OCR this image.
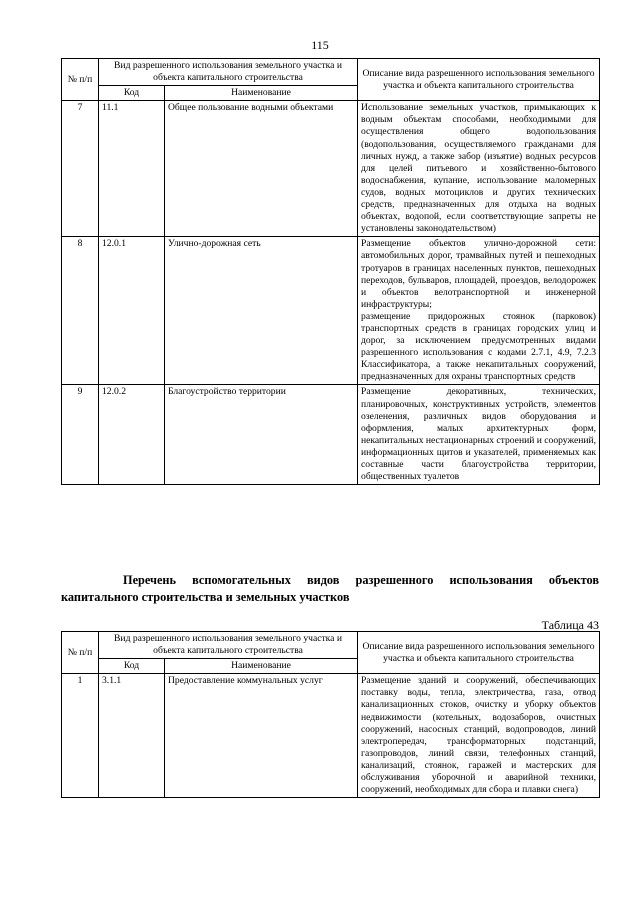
115
№ п/п	Вид разрешенного использования земельного участка и объекта капитального строительства		Описание вида разрешенного использования земельного участка и объекта капитального строительства
	Код	Наименование	
7	11.1	Общее пользование водными объектами	Использование земельных участков, примыкающих к водным объектам способами, необходимыми для осуществления общего водопользования (водопользования, осуществляемого гражданами для личных нужд, а также забор (изъятие) водных ресурсов для целей питьевого и хозяйственно-бытового водоснабжения, купание, использование маломерных судов, водных мотоциклов и других технических средств, предназначенных для отдыха на водных объектах, водопой, если соответствующие запреты не установлены законодательством)
8	12.0.1	Улично-дорожная сеть	Размещение объектов улично-дорожной сети: автомобильных дорог, трамвайных путей и пешеходных тротуаров в границах населенных пунктов, пешеходных переходов, бульваров, площадей, проездов, велодорожек и объектов велотранспортной и инженерной инфраструктуры;
размещение придорожных стоянок (парковок) транспортных средств в границах городских улиц и дорог, за исключением предусмотренных видами разрешенного использования с кодами 2.7.1, 4.9, 7.2.3 Классификатора, а также некапитальных сооружений, предназначенных для охраны транспортных средств

9	12.0.2	Благоустройство территории	Размещение декоративных, технических, планировочных, конструктивных устройств, элементов озеленения, различных видов оборудования и оформления, малых архитектурных форм, некапитальных нестационарных строений и сооружений, информационных щитов и указателей, применяемых как составные части благоустройства территории, общественных туалетов
Перечень вспомогательных видов разрешенного использования объектов
капитального строительства и земельных участков
Таблица 43
№ п/п	Вид разрешенного использования земельного участка и объекта капитального строительства		Описание вида разрешенного использования земельного участка и объекта капитального строительства
	Код	Наименование	
1	3.1.1	Предоставление коммунальных услуг	Размещение зданий и сооружений, обеспечивающих поставку воды, тепла, электричества, газа, отвод канализационных стоков, очистку и уборку объектов недвижимости (котельных, водозаборов, очистных сооружений, насосных станций, водопроводов, линий электропередач, трансформаторных подстанций, газопроводов, линий связи, телефонных станций, канализаций, стоянок, гаражей и мастерских для обслуживания уборочной и аварийной техники, сооружений, необходимых для сбора и плавки снега)
